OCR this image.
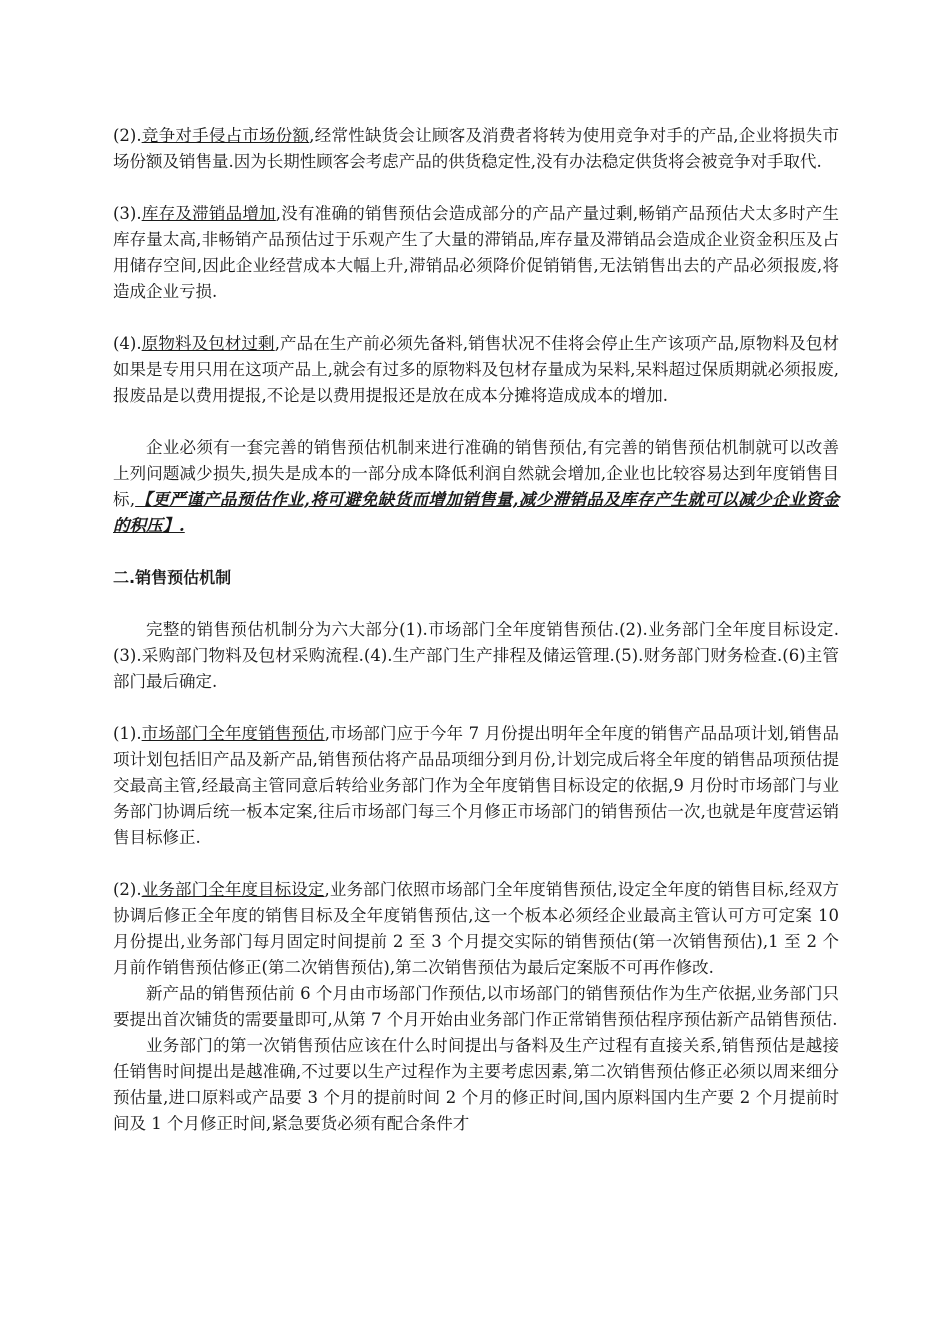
(2).竞争对手侵占市场份额,经常性缺货会让顾客及消费者将转为使用竞争对手的产品,企业将损失市场份额及销售量.因为长期性顾客会考虑产品的供货稳定性,没有办法稳定供货将会被竞争对手取代.

(3).库存及滞销品增加,没有准确的销售预估会造成部分的产品产量过剩,畅销产品预估犬太多时产生库存量太高,非畅销产品预估过于乐观产生了大量的滞销品,库存量及滞销品会造成企业资金积压及占用储存空间,因此企业经营成本大幅上升,滞销品必须降价促销销售,无法销售出去的产品必须报废,将造成企业亏损.

(4).原物料及包材过剩,产品在生产前必须先备料,销售状况不佳将会停止生产该项产品,原物料及包材如果是专用只用在这项产品上,就会有过多的原物料及包材存量成为呆料,呆料超过保质期就必须报废,报废品是以费用提报,不论是以费用提报还是放在成本分摊将造成成本的增加.

企业必须有一套完善的销售预估机制来进行准确的销售预估,有完善的销售预估机制就可以改善上列问题减少损失,损失是成本的一部分成本降低利润自然就会增加,企业也比较容易达到年度销售目标,【更严谨产品预估作业,将可避免缺货而增加销售量,减少滞销品及库存产生就可以减少企业资金的积压】.

二.销售预估机制

完整的销售预估机制分为六大部分(1).市场部门全年度销售预估.(2).业务部门全年度目标设定.(3).采购部门物料及包材采购流程.(4).生产部门生产排程及储运管理.(5).财务部门财务检查.(6)主管部门最后确定.

(1).市场部门全年度销售预估,市场部门应于今年 7 月份提出明年全年度的销售产品品项计划,销售品项计划包括旧产品及新产品,销售预估将产品品项细分到月份,计划完成后将全年度的销售品项预估提交最高主管,经最高主管同意后转给业务部门作为全年度销售目标设定的依据,9 月份时市场部门与业务部门协调后统一板本定案,往后市场部门每三个月修正市场部门的销售预估一次,也就是年度营运销售目标修正.

(2).业务部门全年度目标设定,业务部门依照市场部门全年度销售预估,设定全年度的销售目标,经双方协调后修正全年度的销售目标及全年度销售预估,这一个板本必须经企业最高主管认可方可定案 10 月份提出,业务部门每月固定时间提前 2 至 3 个月提交实际的销售预估(第一次销售预估),1 至 2 个月前作销售预估修正(第二次销售预估),第二次销售预估为最后定案版不可再作修改.

新产品的销售预估前 6 个月由市场部门作预估,以市场部门的销售预估作为生产依据,业务部门只要提出首次铺货的需要量即可,从第 7 个月开始由业务部门作正常销售预估程序预估新产品销售预估.

业务部门的第一次销售预估应该在什么时间提出与备料及生产过程有直接关系,销售预估是越接任销售时间提出是越准确,不过要以生产过程作为主要考虑因素,第二次销售预估修正必须以周来细分预估量,进口原料或产品要 3 个月的提前时间 2 个月的修正时间,国内原料国内生产要 2 个月提前时间及 1 个月修正时间,紧急要货必须有配合条件才
